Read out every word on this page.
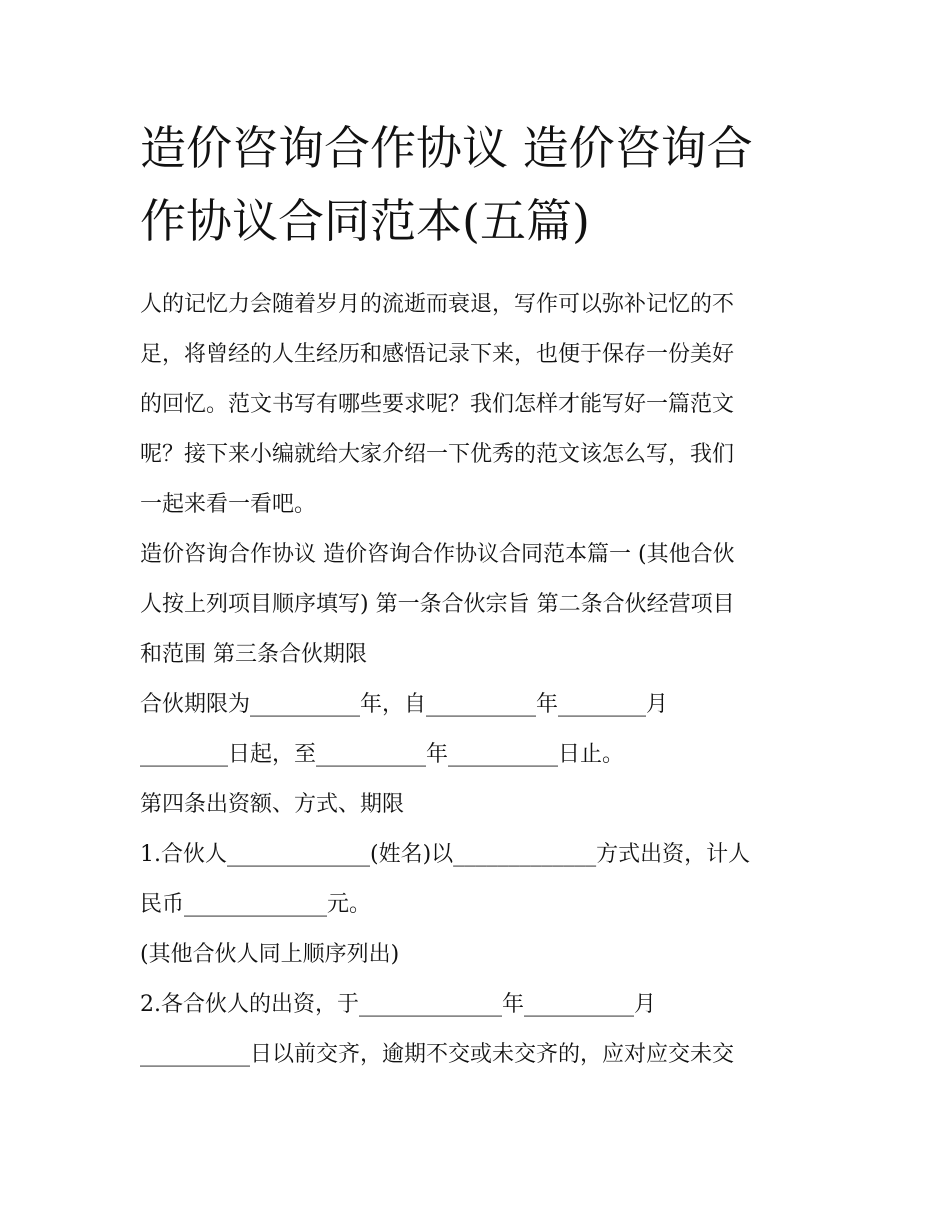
造价咨询合作协议 造价咨询合
作协议合同范本(五篇)
人的记忆力会随着岁月的流逝而衰退，写作可以弥补记忆的不
足，将曾经的人生经历和感悟记录下来，也便于保存一份美好
的回忆。范文书写有哪些要求呢？我们怎样才能写好一篇范文
呢？接下来小编就给大家介绍一下优秀的范文该怎么写，我们
一起来看一看吧。
造价咨询合作协议 造价咨询合作协议合同范本篇一 (其他合伙
人按上列项目顺序填写) 第一条合伙宗旨 第二条合伙经营项目
和范围 第三条合伙期限
合伙期限为__________年，自__________年________月
________日起，至__________年__________日止。
第四条出资额、方式、期限
1.合伙人_____________(姓名)以_____________方式出资，计人
民币_____________元。
(其他合伙人同上顺序列出)
2.各合伙人的出资，于_____________年__________月
__________日以前交齐，逾期不交或未交齐的，应对应交未交
